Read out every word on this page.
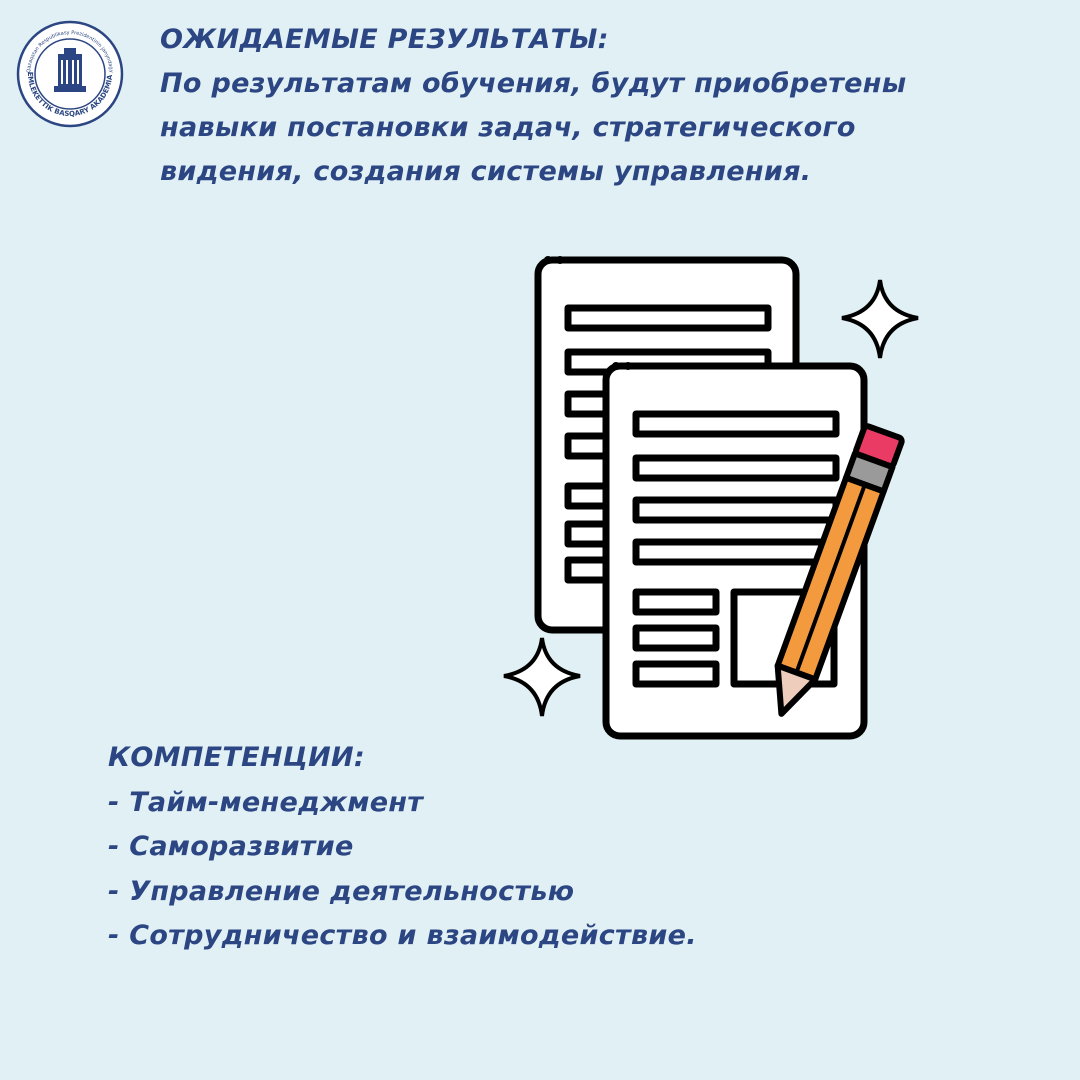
EMLEKETTIK BASQARY AKADEMIA
Qazaqstan Respublikasy Prezidentinin janyndagy
ОЖИДАЕМЫЕ РЕЗУЛЬТАТЫ:
По результатам обучения, будут приобретены
навыки постановки задач, стратегического
видения, создания системы управления.
КОМПЕТЕНЦИИ:
- Тайм-менеджмент
- Саморазвитие
- Управление деятельностью
- Сотрудничество и взаимодействие.
